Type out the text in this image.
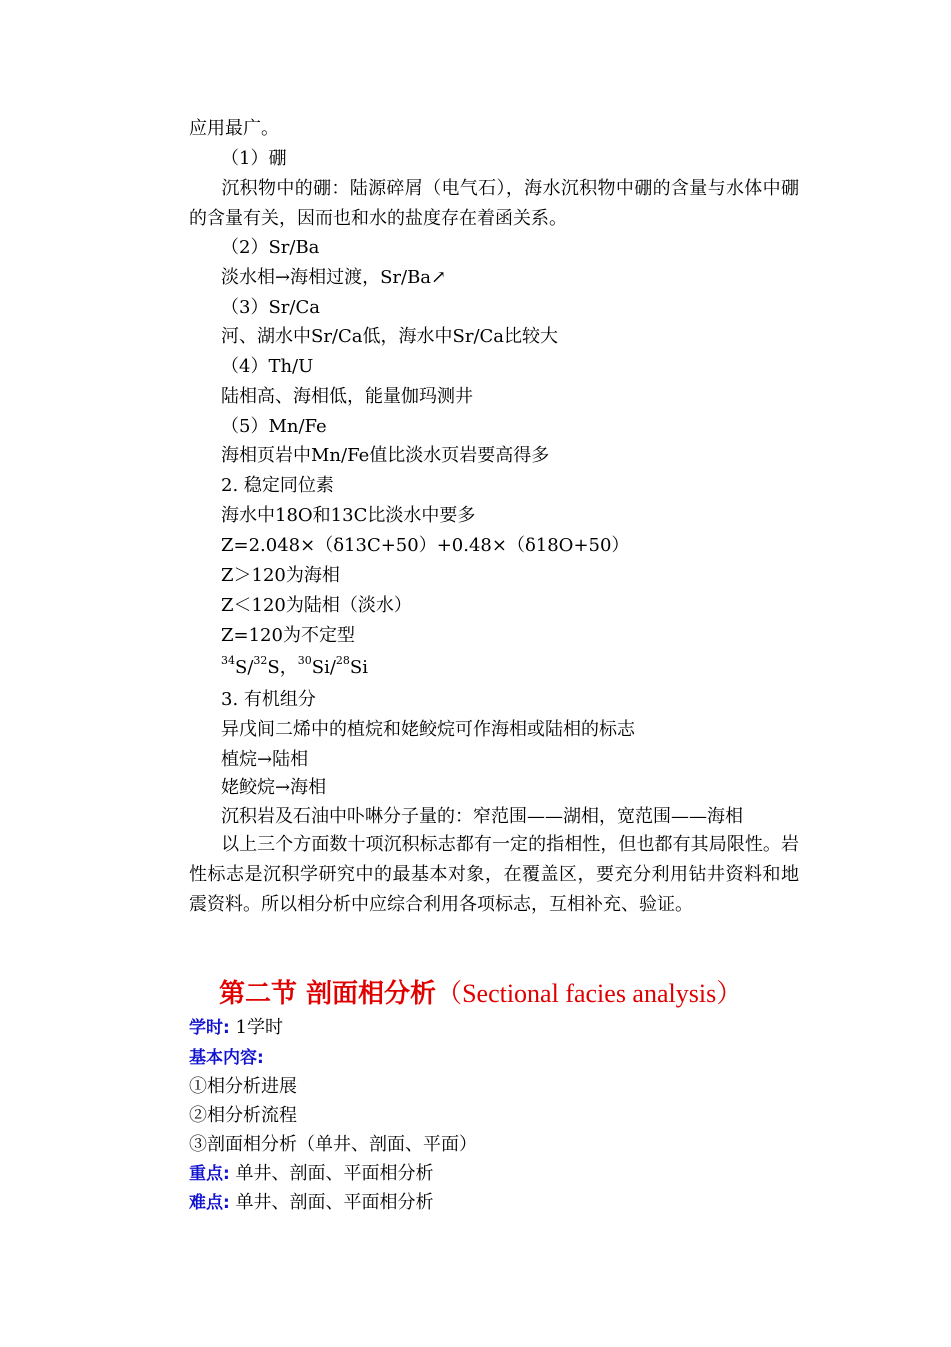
应用最广。
（1）硼
沉积物中的硼：陆源碎屑（电气石），海水沉积物中硼的含量与水体中硼的含量有关，因而也和水的盐度存在着函关系。
（2）Sr/Ba
淡水相→海相过渡，Sr/Ba↗
（3）Sr/Ca
河、湖水中Sr/Ca低，海水中Sr/Ca比较大
（4）Th/U
陆相高、海相低，能量伽玛测井
（5）Mn/Fe
海相页岩中Mn/Fe值比淡水页岩要高得多
2. 稳定同位素
海水中18O和13C比淡水中要多
Z=2.048×（δ13C+50）+0.48×（δ18O+50）
Z＞120为海相
Z＜120为陆相（淡水）
Z=120为不定型
$^{34}$S/$^{32}$S，$^{30}$Si/$^{28}$Si
3. 有机组分
异戊间二烯中的植烷和姥鲛烷可作海相或陆相的标志
植烷→陆相
姥鲛烷→海相
沉积岩及石油中卟啉分子量的：窄范围——湖相，宽范围——海相
以上三个方面数十项沉积标志都有一定的指相性，但也都有其局限性。岩性标志是沉积学研究中的最基本对象，在覆盖区，要充分利用钻井资料和地震资料。所以相分析中应综合利用各项标志，互相补充、验证。
第二节 剖面相分析（Sectional facies analysis）
学时: 1学时
基本内容:
①相分析进展
②相分析流程
③剖面相分析（单井、剖面、平面）
重点: 单井、剖面、平面相分析
难点: 单井、剖面、平面相分析
